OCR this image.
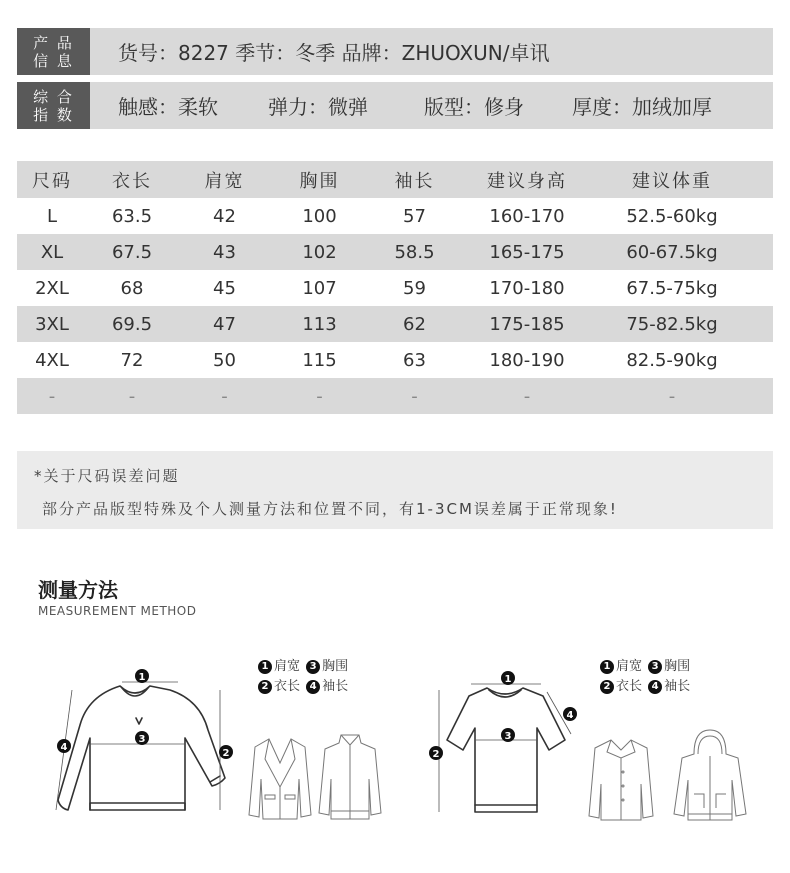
产 品
信 息 货号：8227 季节：冬季 品牌：ZHUOXUN/卓讯
综 合
指 数 触感：柔软	弹力：微弹	版型：修身 厚度：加绒加厚
尺码	衣长	肩宽	胸围	袖长	建议身高	建议体重
L	63.5	42	100	57	160-170	52.5-60kg
XL	67.5	43	102	58.5	165-175	60-67.5kg
2XL	68	45	107	59	170-180	67.5-75kg
3XL	69.5	47	113	62	175-185	75-82.5kg
4XL	72	50	115	63	180-190	82.5-90kg
-	-	-	-	-	-	-
*关于尺码误差问题
部分产品版型特殊及个人测量方法和位置不同，有1-3CM误差属于正常现象!
测量方法
MEASUREMENT METHOD
1
3
2
4
1 肩宽 3 胸围
2 衣长 4 袖长	1
3
2
4
1 肩宽 3 胸围
2 衣长 4 袖长
